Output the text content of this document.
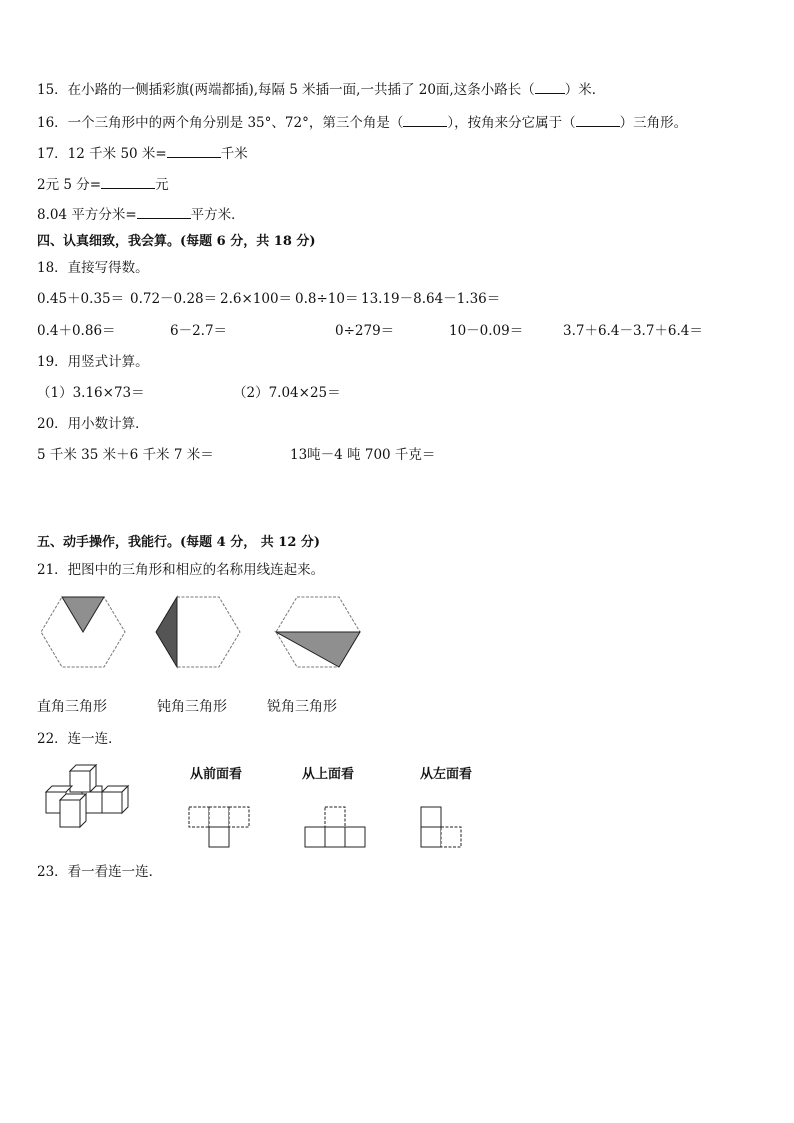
15．在小路的一侧插彩旗(两端都插),每隔 5 米插一面,一共插了 20面,这条小路长（ ）米．
16．一个三角形中的两个角分别是 35°、72°，第三个角是（	），按角来分它属于（	）三角形。
17．12 千米 50 米=	千米
2元 5 分=	元
8.04 平方分米=	平方米．
四、认真细致，我会算。(每题 6 分，共 18 分)
18．直接写得数。
0.45＋0.35＝ 0.72－0.28＝ 2.6×100＝ 0.8÷10＝ 13.19－8.64－1.36＝
0.4＋0.86＝	6－2.7＝	0÷279＝	10－0.09＝	3.7＋6.4－3.7＋6.4＝
19．用竖式计算。
（1）3.16×73＝	（2）7.04×25＝
20．用小数计算．
5 千米 35 米＋6 千米 7 米＝	13吨－4 吨 700 千克＝
五、动手操作，我能行。(每题 4 分， 共 12 分)
21．把图中的三角形和相应的名称用线连起来。
直角三角形	钝角三角形	锐角三角形
22．连一连．
从前面看	从上面看	从左面看
23．看一看连一连．
